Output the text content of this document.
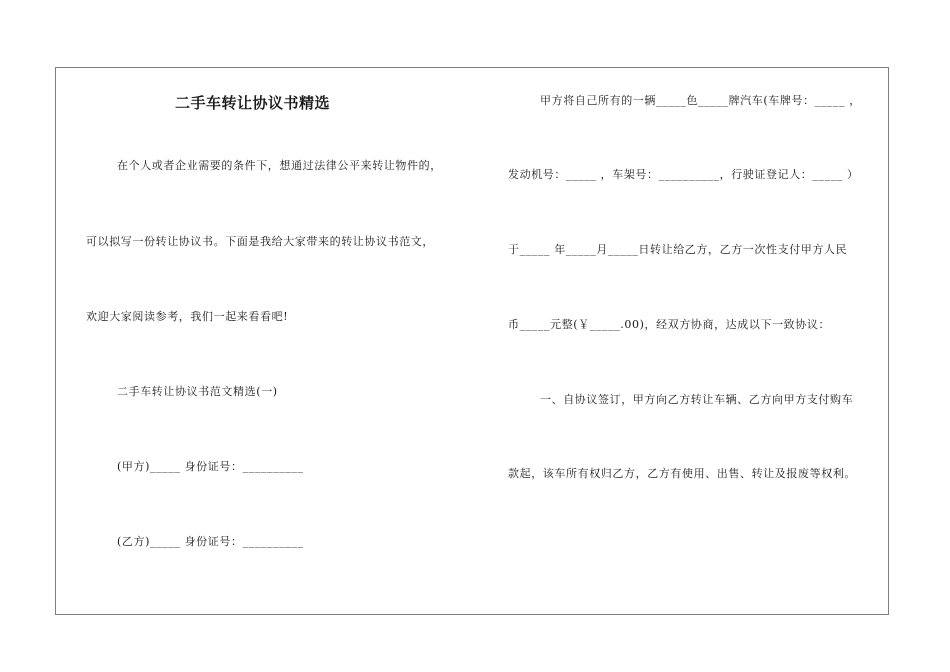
二手车转让协议书精选
在个人或者企业需要的条件下，想通过法律公平来转让物件的，
可以拟写一份转让协议书。下面是我给大家带来的转让协议书范文，
欢迎大家阅读参考，我们一起来看看吧!
二手车转让协议书范文精选(一)
(甲方)_____ 身份证号：__________
(乙方)_____ 身份证号：__________
甲方将自己所有的一辆_____色_____牌汽车(车牌号：_____ ，
发动机号：_____ ，车架号：__________，行驶证登记人：_____ ）
于_____ 年_____月_____日转让给乙方，乙方一次性支付甲方人民
币_____元整(￥_____.00)，经双方协商，达成以下一致协议：
一、自协议签订，甲方向乙方转让车辆、乙方向甲方支付购车
款起，该车所有权归乙方，乙方有使用、出售、转让及报废等权利。
